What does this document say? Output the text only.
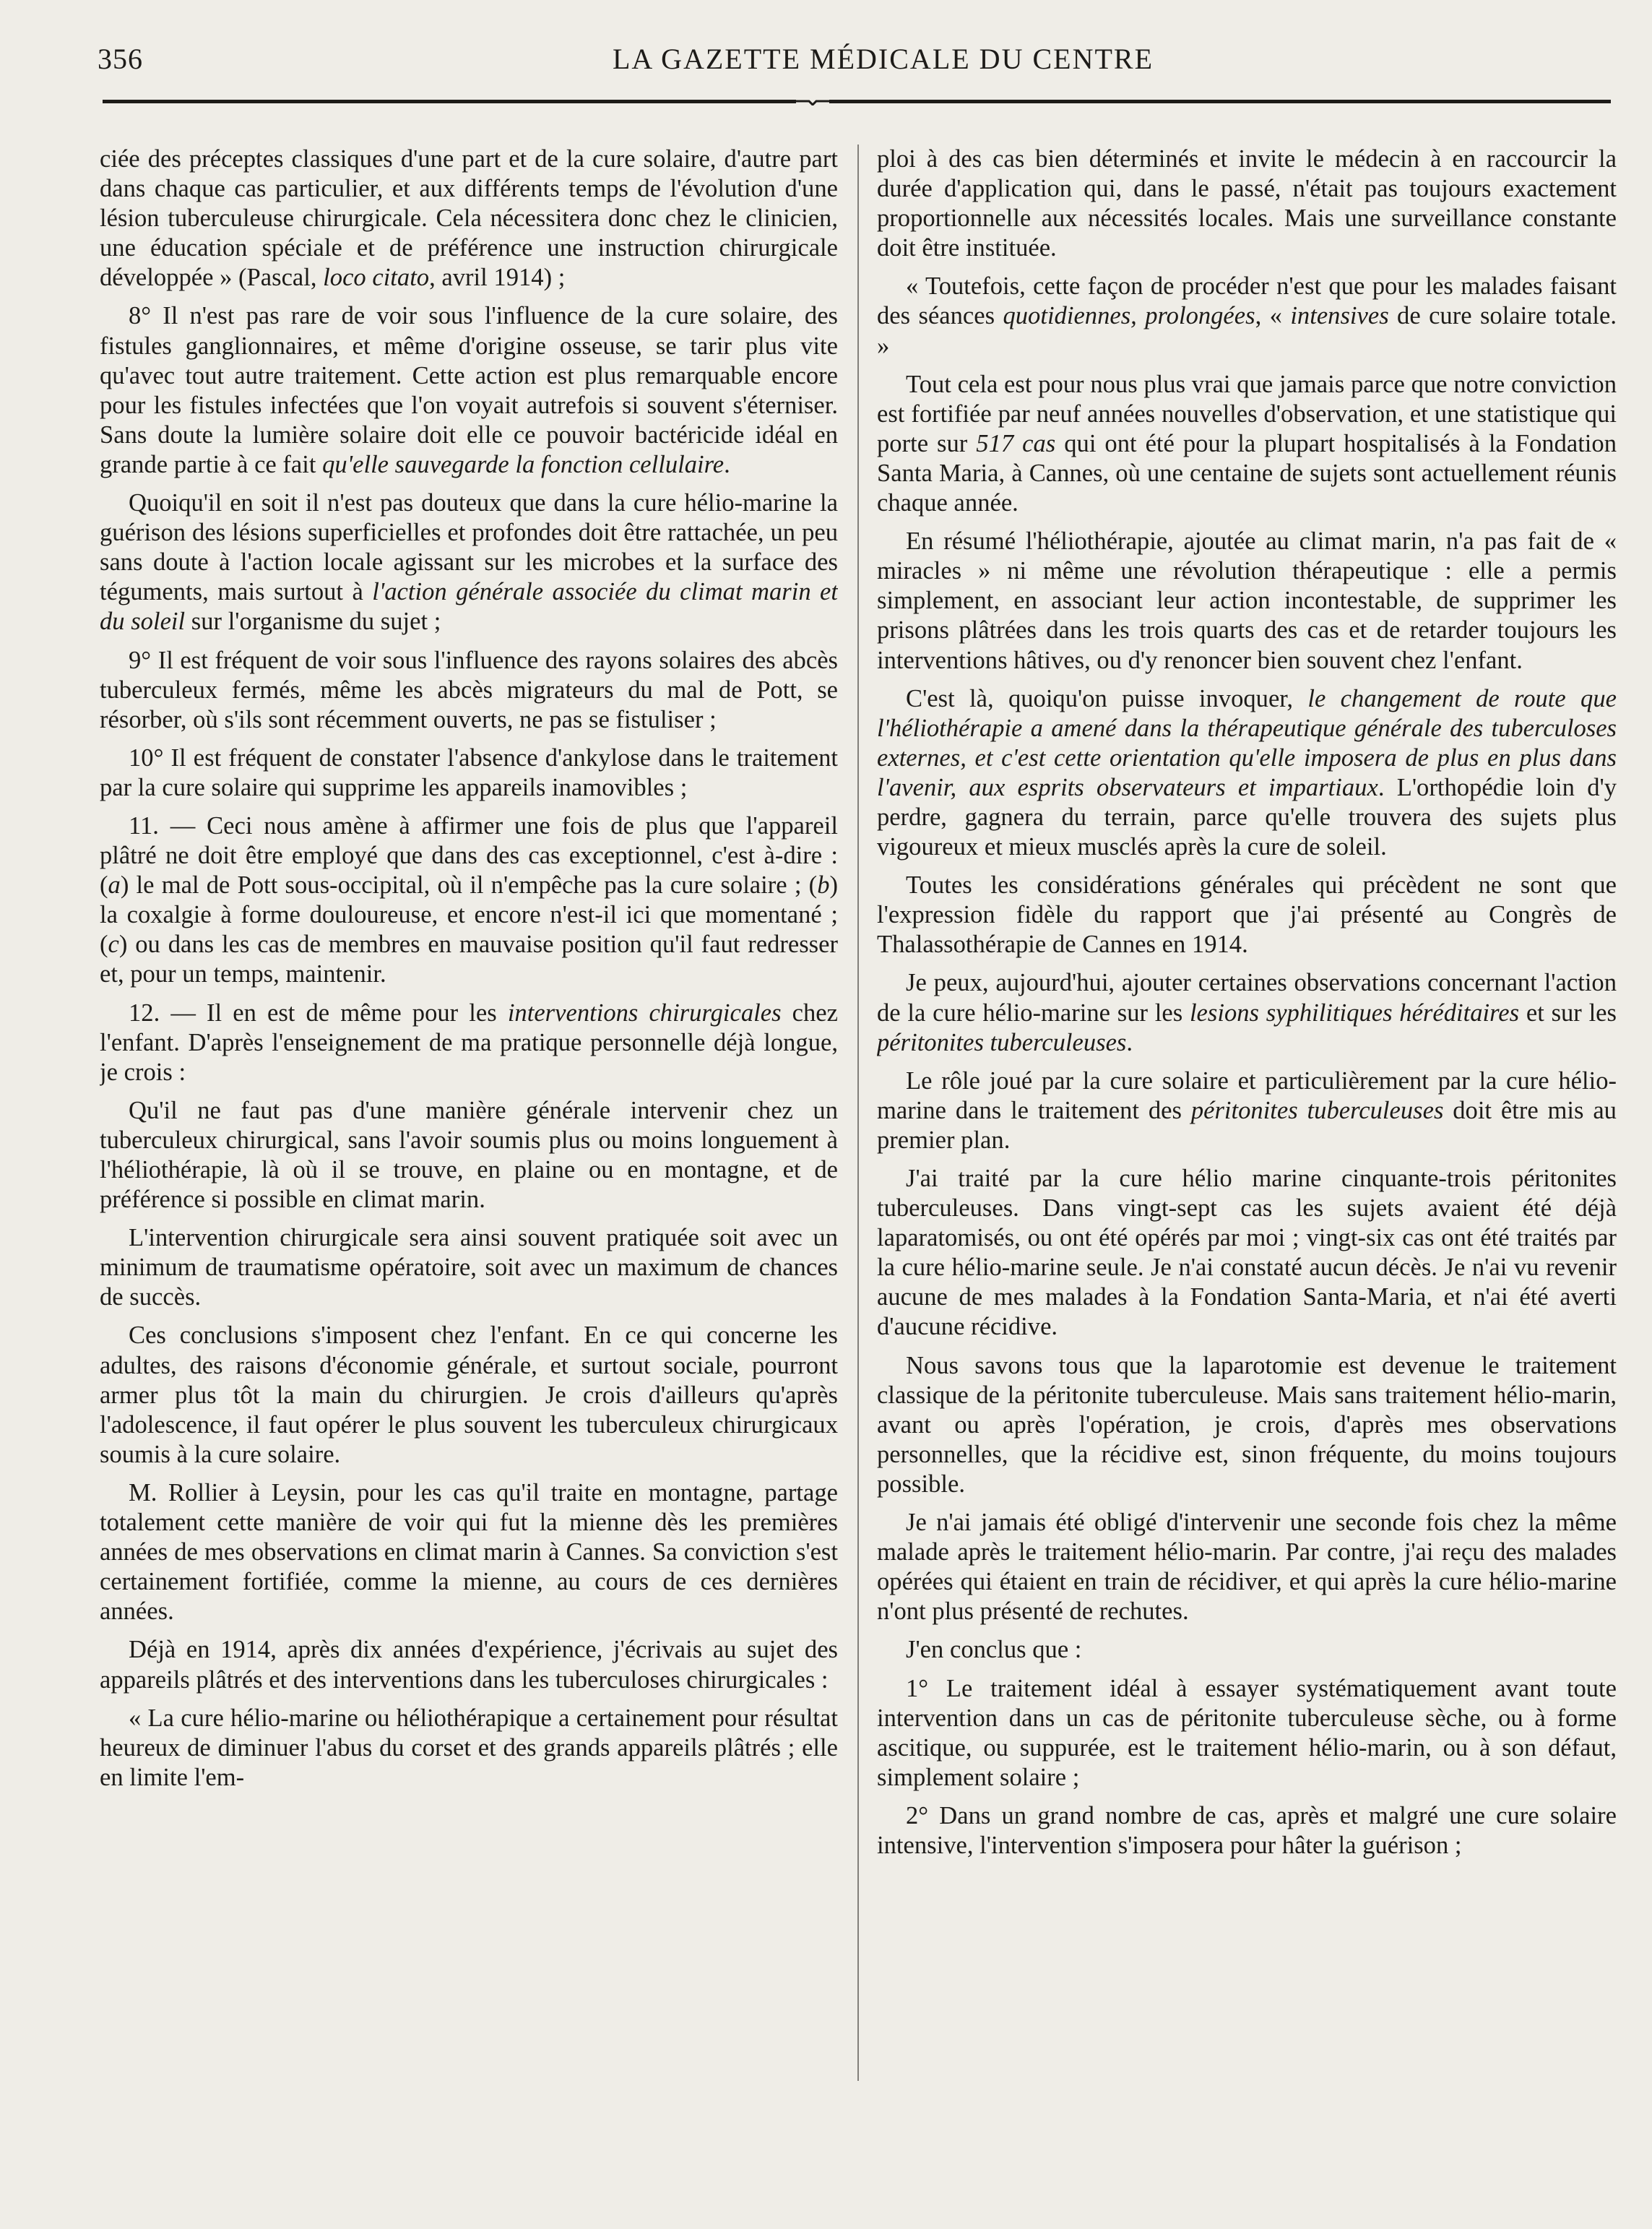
356	LA GAZETTE MÉDICALE DU CENTRE

ciée des préceptes classiques d'une part et de la cure solaire, d'autre part dans chaque cas particulier, et aux différents temps de l'évolution d'une lésion tuberculeuse chirurgicale. Cela nécessitera donc chez le clinicien, une éducation spéciale et de préférence une instruction chirurgicale développée » (Pascal, loco citato, avril 1914) ;

8° Il n'est pas rare de voir sous l'influence de la cure solaire, des fistules ganglionnaires, et même d'origine osseuse, se tarir plus vite qu'avec tout autre traitement. Cette action est plus remarquable encore pour les fistules infectées que l'on voyait autrefois si souvent s'éterniser. Sans doute la lumière solaire doit elle ce pouvoir bactéricide idéal en grande partie à ce fait qu'elle sauvegarde la fonction cellulaire.

Quoiqu'il en soit il n'est pas douteux que dans la cure hélio-marine la guérison des lésions superficielles et profondes doit être rattachée, un peu sans doute à l'action locale agissant sur les microbes et la surface des téguments, mais surtout à l'action générale associée du climat marin et du soleil sur l'organisme du sujet ;

9° Il est fréquent de voir sous l'influence des rayons solaires des abcès tuberculeux fermés, même les abcès migrateurs du mal de Pott, se résorber, où s'ils sont récemment ouverts, ne pas se fistuliser ;

10° Il est fréquent de constater l'absence d'ankylose dans le traitement par la cure solaire qui supprime les appareils inamovibles ;

11. — Ceci nous amène à affirmer une fois de plus que l'appareil plâtré ne doit être employé que dans des cas exceptionnel, c'est à-dire : (a) le mal de Pott sous-occipital, où il n'empêche pas la cure solaire ; (b) la coxalgie à forme douloureuse, et encore n'est-il ici que momentané ; (c) ou dans les cas de membres en mauvaise position qu'il faut redresser et, pour un temps, maintenir.

12. — Il en est de même pour les interventions chirurgicales chez l'enfant. D'après l'enseignement de ma pratique personnelle déjà longue, je crois :

Qu'il ne faut pas d'une manière générale intervenir chez un tuberculeux chirurgical, sans l'avoir soumis plus ou moins longuement à l'héliothérapie, là où il se trouve, en plaine ou en montagne, et de préférence si possible en climat marin.

L'intervention chirurgicale sera ainsi souvent pratiquée soit avec un minimum de traumatisme opératoire, soit avec un maximum de chances de succès.

Ces conclusions s'imposent chez l'enfant. En ce qui concerne les adultes, des raisons d'économie générale, et surtout sociale, pourront armer plus tôt la main du chirurgien. Je crois d'ailleurs qu'après l'adolescence, il faut opérer le plus souvent les tuberculeux chirurgicaux soumis à la cure solaire.

M. Rollier à Leysin, pour les cas qu'il traite en montagne, partage totalement cette manière de voir qui fut la mienne dès les premières années de mes observations en climat marin à Cannes. Sa conviction s'est certainement fortifiée, comme la mienne, au cours de ces dernières années.

Déjà en 1914, après dix années d'expérience, j'écrivais au sujet des appareils plâtrés et des interventions dans les tuberculoses chirurgicales :

« La cure hélio-marine ou héliothérapique a certainement pour résultat heureux de diminuer l'abus du corset et des grands appareils plâtrés ; elle en limite l'em-

ploi à des cas bien déterminés et invite le médecin à en raccourcir la durée d'application qui, dans le passé, n'était pas toujours exactement proportionnelle aux nécessités locales. Mais une surveillance constante doit être instituée.

« Toutefois, cette façon de procéder n'est que pour les malades faisant des séances quotidiennes, prolongées, « intensives de cure solaire totale. »

Tout cela est pour nous plus vrai que jamais parce que notre conviction est fortifiée par neuf années nouvelles d'observation, et une statistique qui porte sur 517 cas qui ont été pour la plupart hospitalisés à la Fondation Santa Maria, à Cannes, où une centaine de sujets sont actuellement réunis chaque année.

En résumé l'héliothérapie, ajoutée au climat marin, n'a pas fait de « miracles » ni même une révolution thérapeutique : elle a permis simplement, en associant leur action incontestable, de supprimer les prisons plâtrées dans les trois quarts des cas et de retarder toujours les interventions hâtives, ou d'y renoncer bien souvent chez l'enfant.

C'est là, quoiqu'on puisse invoquer, le changement de route que l'héliothérapie a amené dans la thérapeutique générale des tuberculoses externes, et c'est cette orientation qu'elle imposera de plus en plus dans l'avenir, aux esprits observateurs et impartiaux. L'orthopédie loin d'y perdre, gagnera du terrain, parce qu'elle trouvera des sujets plus vigoureux et mieux musclés après la cure de soleil.

Toutes les considérations générales qui précèdent ne sont que l'expression fidèle du rapport que j'ai présenté au Congrès de Thalassothérapie de Cannes en 1914.

Je peux, aujourd'hui, ajouter certaines observations concernant l'action de la cure hélio-marine sur les lesions syphilitiques héréditaires et sur les péritonites tuberculeuses.

Le rôle joué par la cure solaire et particulièrement par la cure hélio-marine dans le traitement des péritonites tuberculeuses doit être mis au premier plan.

J'ai traité par la cure hélio marine cinquante-trois péritonites tuberculeuses. Dans vingt-sept cas les sujets avaient été déjà laparatomisés, ou ont été opérés par moi ; vingt-six cas ont été traités par la cure hélio-marine seule. Je n'ai constaté aucun décès. Je n'ai vu revenir aucune de mes malades à la Fondation Santa-Maria, et n'ai été averti d'aucune récidive.

Nous savons tous que la laparotomie est devenue le traitement classique de la péritonite tuberculeuse. Mais sans traitement hélio-marin, avant ou après l'opération, je crois, d'après mes observations personnelles, que la récidive est, sinon fréquente, du moins toujours possible.

Je n'ai jamais été obligé d'intervenir une seconde fois chez la même malade après le traitement hélio-marin. Par contre, j'ai reçu des malades opérées qui étaient en train de récidiver, et qui après la cure hélio-marine n'ont plus présenté de rechutes.

J'en conclus que :

1° Le traitement idéal à essayer systématiquement avant toute intervention dans un cas de péritonite tuberculeuse sèche, ou à forme ascitique, ou suppurée, est le traitement hélio-marin, ou à son défaut, simplement solaire ;

2° Dans un grand nombre de cas, après et malgré une cure solaire intensive, l'intervention s'imposera pour hâter la guérison ;
